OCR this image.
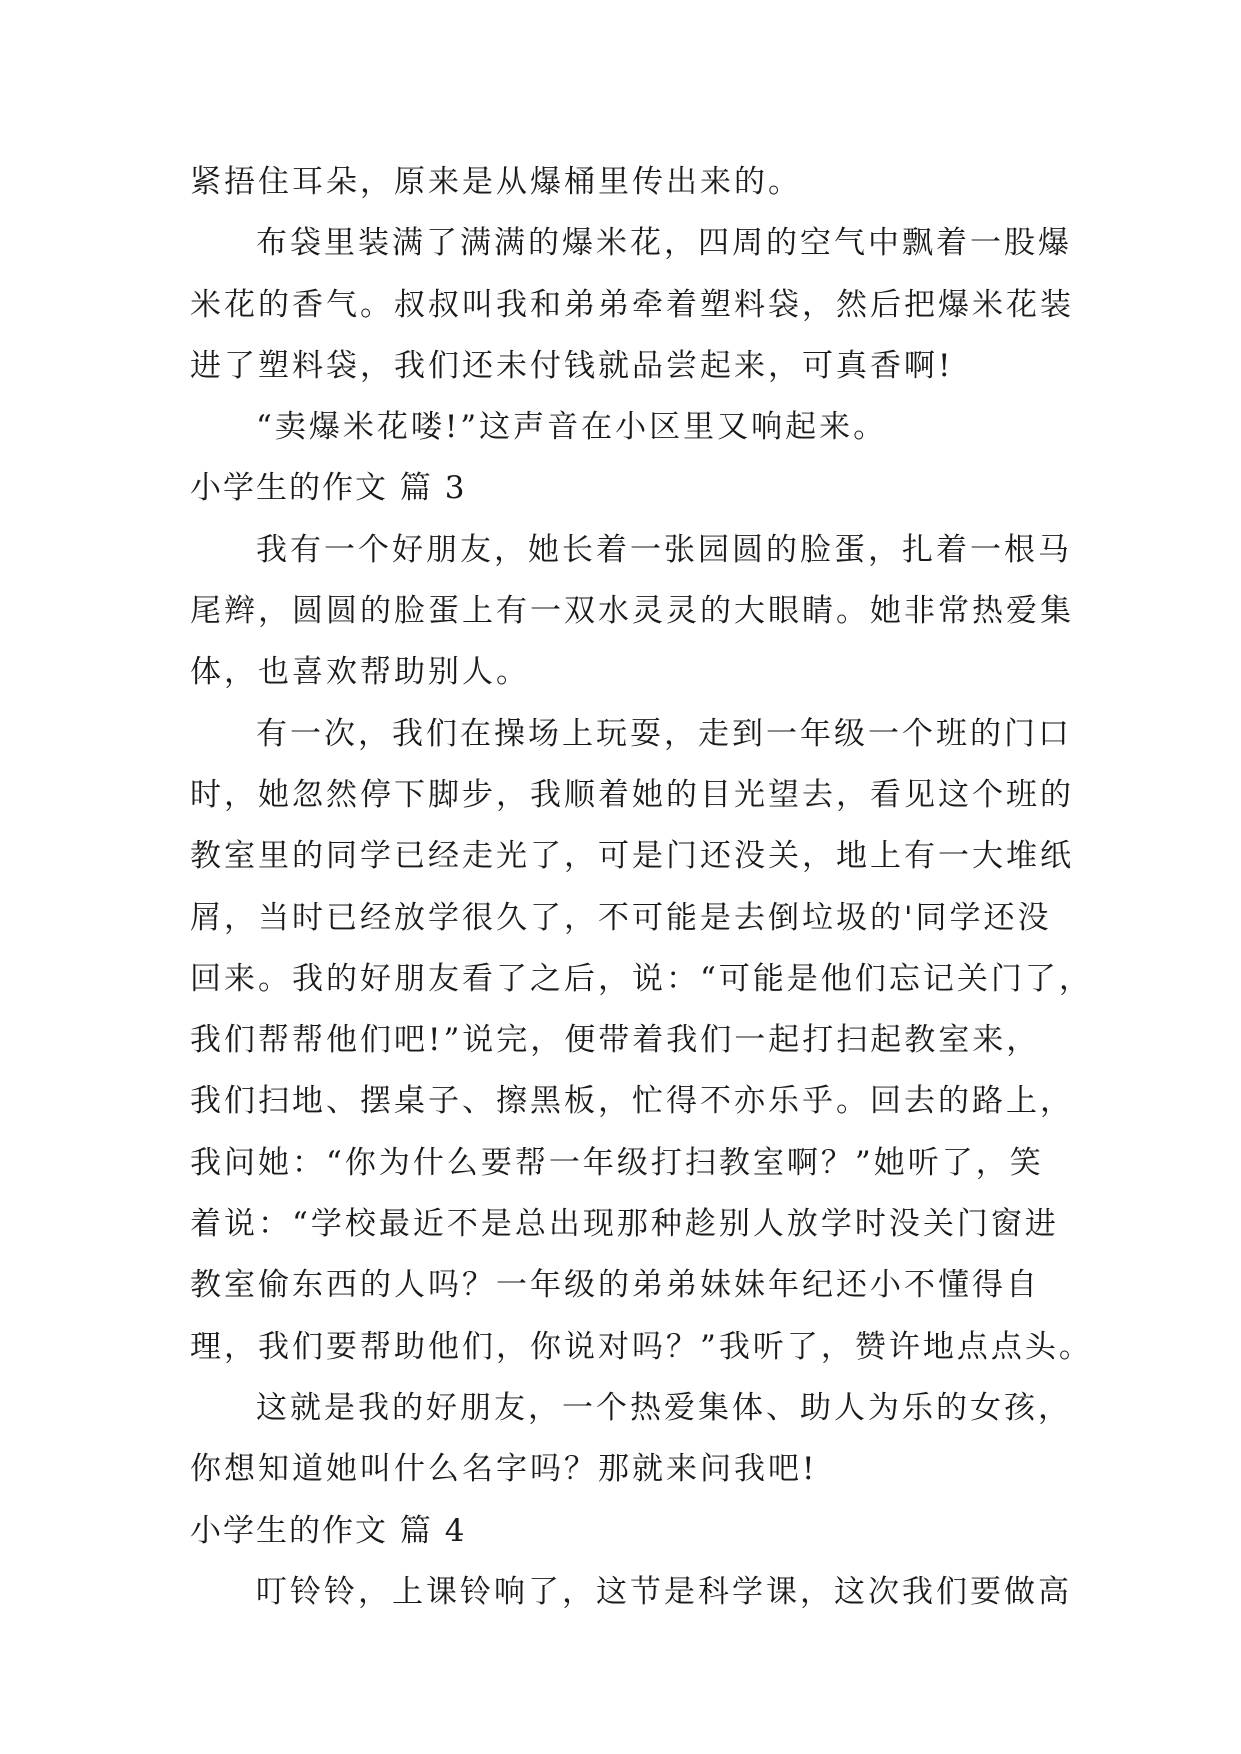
紧捂住耳朵，原来是从爆桶里传出来的。
布袋里装满了满满的爆米花，四周的空气中飘着一股爆
米花的香气。叔叔叫我和弟弟牵着塑料袋，然后把爆米花装
进了塑料袋，我们还未付钱就品尝起来，可真香啊!
“卖爆米花喽!”这声音在小区里又响起来。
小学生的作文 篇 3
我有一个好朋友，她长着一张园圆的脸蛋，扎着一根马
尾辫，圆圆的脸蛋上有一双水灵灵的大眼睛。她非常热爱集
体，也喜欢帮助别人。
有一次，我们在操场上玩耍，走到一年级一个班的门口
时，她忽然停下脚步，我顺着她的目光望去，看见这个班的
教室里的同学已经走光了，可是门还没关，地上有一大堆纸
屑，当时已经放学很久了，不可能是去倒垃圾的'同学还没
回来。我的好朋友看了之后，说：“可能是他们忘记关门了，
我们帮帮他们吧!”说完，便带着我们一起打扫起教室来，
我们扫地、摆桌子、擦黑板，忙得不亦乐乎。回去的路上，
我问她：“你为什么要帮一年级打扫教室啊？”她听了，笑
着说：“学校最近不是总出现那种趁别人放学时没关门窗进
教室偷东西的人吗？一年级的弟弟妹妹年纪还小不懂得自
理，我们要帮助他们，你说对吗？”我听了，赞许地点点头。
这就是我的好朋友，一个热爱集体、助人为乐的女孩，
你想知道她叫什么名字吗？那就来问我吧!
小学生的作文 篇 4
叮铃铃，上课铃响了，这节是科学课，这次我们要做高
